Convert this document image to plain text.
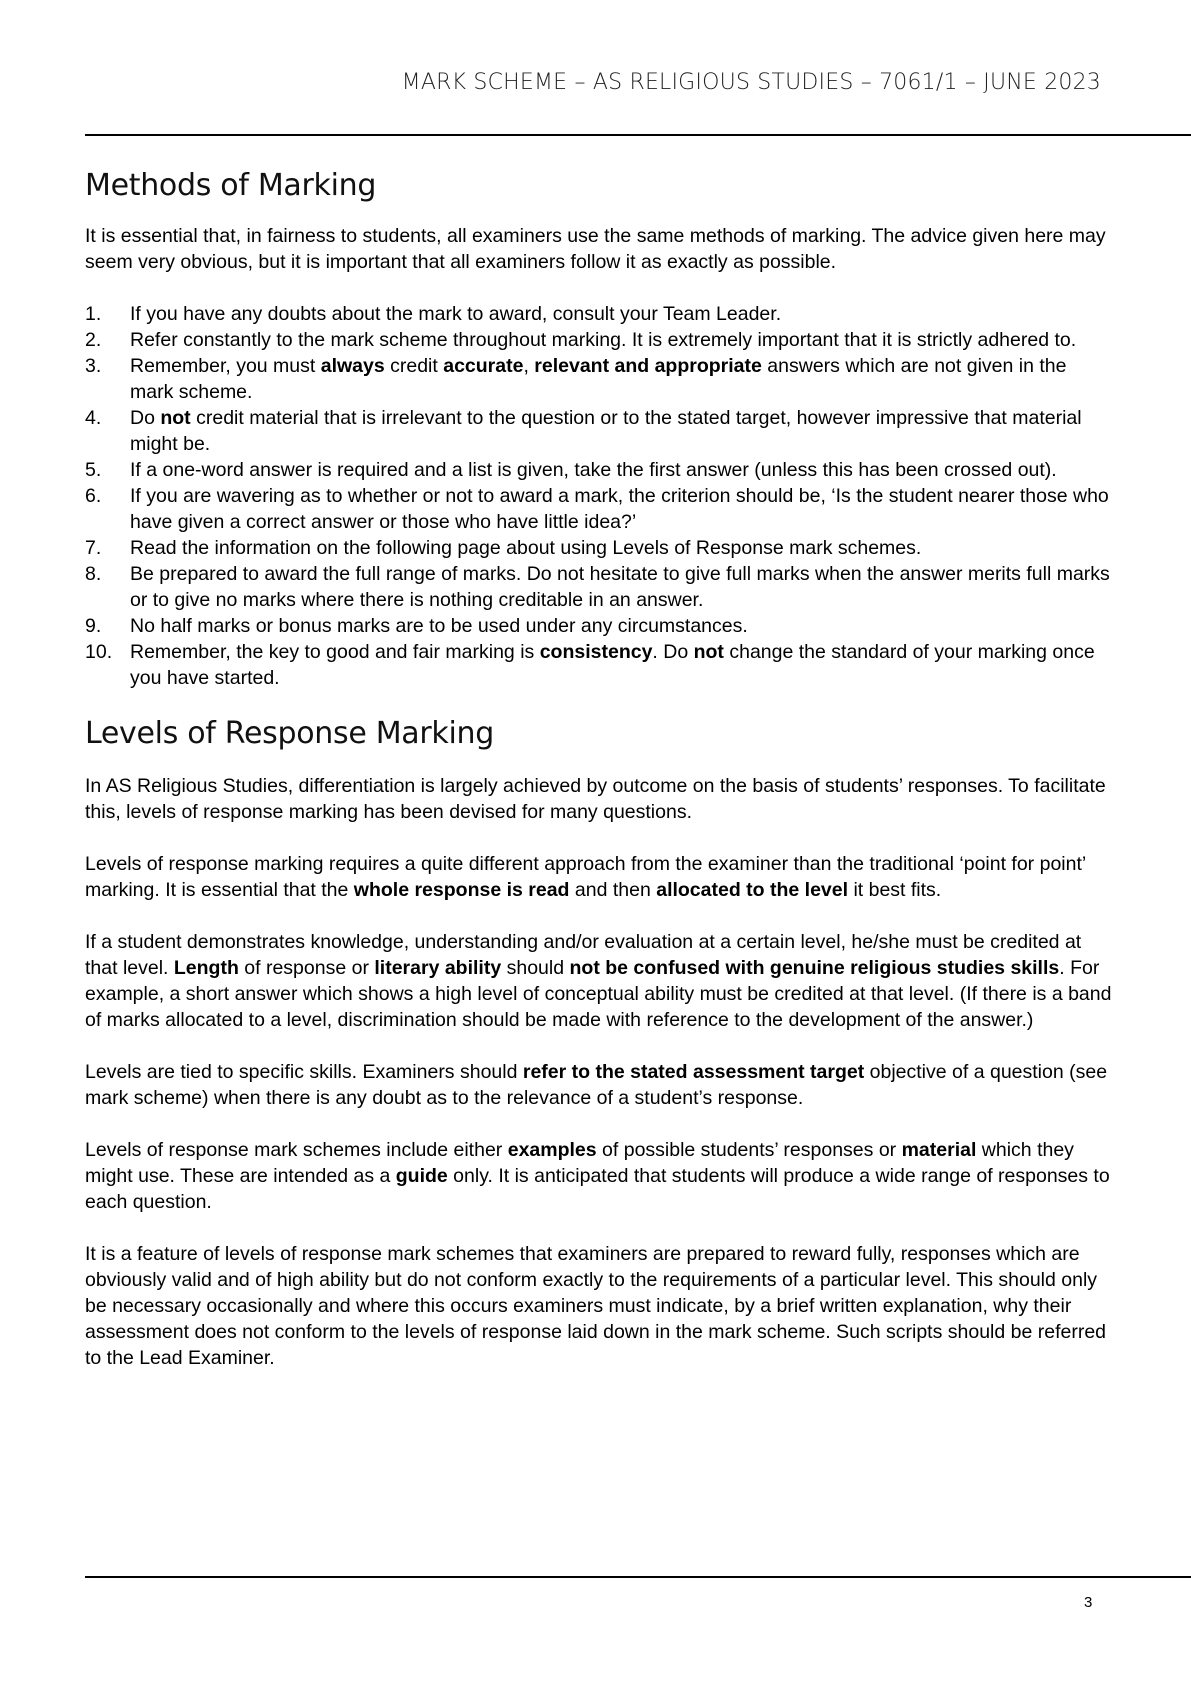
MARK SCHEME – AS RELIGIOUS STUDIES – 7061/1 – JUNE 2023
Methods of Marking

It is essential that, in fairness to students, all examiners use the same methods of marking. The advice given here may seem very obvious, but it is important that all examiners follow it as exactly as possible.

1. If you have any doubts about the mark to award, consult your Team Leader.
2. Refer constantly to the mark scheme throughout marking. It is extremely important that it is strictly adhered to.
3. Remember, you must always credit accurate, relevant and appropriate answers which are not given in the mark scheme.
4. Do not credit material that is irrelevant to the question or to the stated target, however impressive that material might be.
5. If a one-word answer is required and a list is given, take the first answer (unless this has been crossed out).
6. If you are wavering as to whether or not to award a mark, the criterion should be, ‘Is the student nearer those who have given a correct answer or those who have little idea?’
7. Read the information on the following page about using Levels of Response mark schemes.
8. Be prepared to award the full range of marks. Do not hesitate to give full marks when the answer merits full marks or to give no marks where there is nothing creditable in an answer.
9. No half marks or bonus marks are to be used under any circumstances.
10. Remember, the key to good and fair marking is consistency. Do not change the standard of your marking once you have started.
Levels of Response Marking

In AS Religious Studies, differentiation is largely achieved by outcome on the basis of students’ responses. To facilitate this, levels of response marking has been devised for many questions.

Levels of response marking requires a quite different approach from the examiner than the traditional ‘point for point’ marking. It is essential that the whole response is read and then allocated to the level it best fits.

If a student demonstrates knowledge, understanding and/or evaluation at a certain level, he/she must be credited at that level. Length of response or literary ability should not be confused with genuine religious studies skills. For example, a short answer which shows a high level of conceptual ability must be credited at that level. (If there is a band of marks allocated to a level, discrimination should be made with reference to the development of the answer.)

Levels are tied to specific skills. Examiners should refer to the stated assessment target objective of a question (see mark scheme) when there is any doubt as to the relevance of a student’s response.

Levels of response mark schemes include either examples of possible students’ responses or material which they might use. These are intended as a guide only. It is anticipated that students will produce a wide range of responses to each question.

It is a feature of levels of response mark schemes that examiners are prepared to reward fully, responses which are obviously valid and of high ability but do not conform exactly to the requirements of a particular level. This should only be necessary occasionally and where this occurs examiners must indicate, by a brief written explanation, why their assessment does not conform to the levels of response laid down in the mark scheme. Such scripts should be referred to the Lead Examiner.

3
